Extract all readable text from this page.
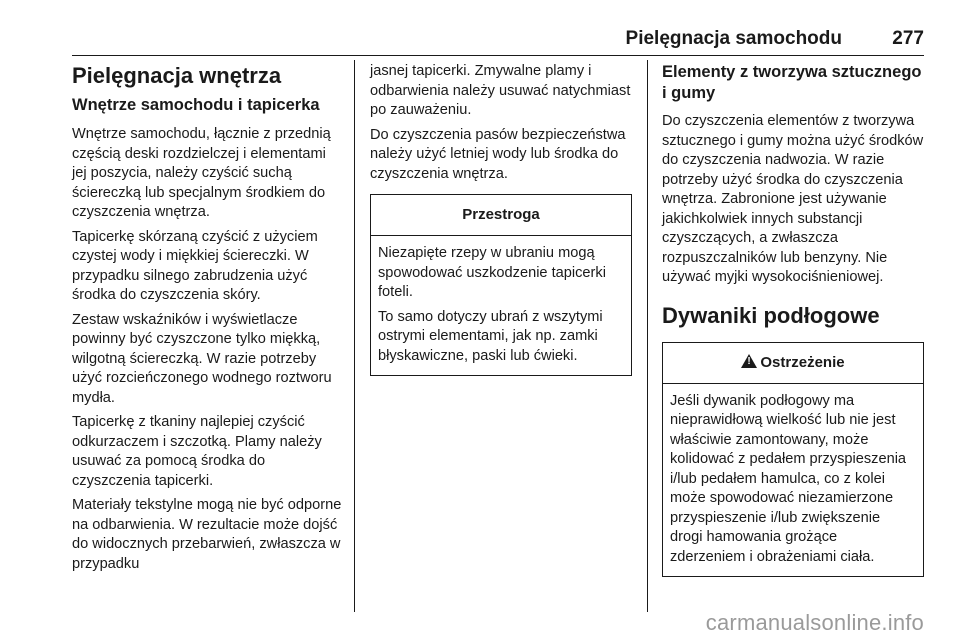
Pielęgnacja samochodu	277
Pielęgnacja wnętrza
Wnętrze samochodu i tapicerka

Wnętrze samochodu, łącznie z przednią częścią deski rozdzielczej i elementami jej poszycia, należy czyścić suchą ściereczką lub specjalnym środkiem do czyszczenia wnętrza.

Tapicerkę skórzaną czyścić z użyciem czystej wody i miękkiej ściereczki. W przypadku silnego zabrudzenia użyć środka do czyszczenia skóry.

Zestaw wskaźników i wyświetlacze powinny być czyszczone tylko miękką, wilgotną ściereczką. W razie potrzeby użyć rozcieńczonego wodnego roztworu mydła.

Tapicerkę z tkaniny najlepiej czyścić odkurzaczem i szczotką. Plamy należy usuwać za pomocą środka do czyszczenia tapicerki.

Materiały tekstylne mogą nie być odporne na odbarwienia. W rezultacie może dojść do widocznych przebarwień, zwłaszcza w przypadku

jasnej tapicerki. Zmywalne plamy i odbarwienia należy usuwać natychmiast po zauważeniu.

Do czyszczenia pasów bezpieczeństwa należy użyć letniej wody lub środka do czyszczenia wnętrza.

Przestroga

Niezapięte rzepy w ubraniu mogą spowodować uszkodzenie tapicerki foteli.

To samo dotyczy ubrań z wszytymi ostrymi elementami, jak np. zamki błyskawiczne, paski lub ćwieki.

Elementy z tworzywa sztucznego i gumy

Do czyszczenia elementów z tworzywa sztucznego i gumy można użyć środków do czyszczenia nadwozia. W razie potrzeby użyć środka do czyszczenia wnętrza. Zabronione jest używanie jakichkolwiek innych substancji czyszczących, a zwłaszcza rozpuszczalników lub benzyny. Nie używać myjki wysokociśnieniowej.

Dywaniki podłogowe
!Ostrzeżenie

Jeśli dywanik podłogowy ma nieprawidłową wielkość lub nie jest właściwie zamontowany, może kolidować z pedałem przyspieszenia i/lub pedałem hamulca, co z kolei może spowodować niezamierzone przyspieszenie i/lub zwiększenie drogi hamowania grożące zderzeniem i obrażeniami ciała.

carmanualsonline.info
